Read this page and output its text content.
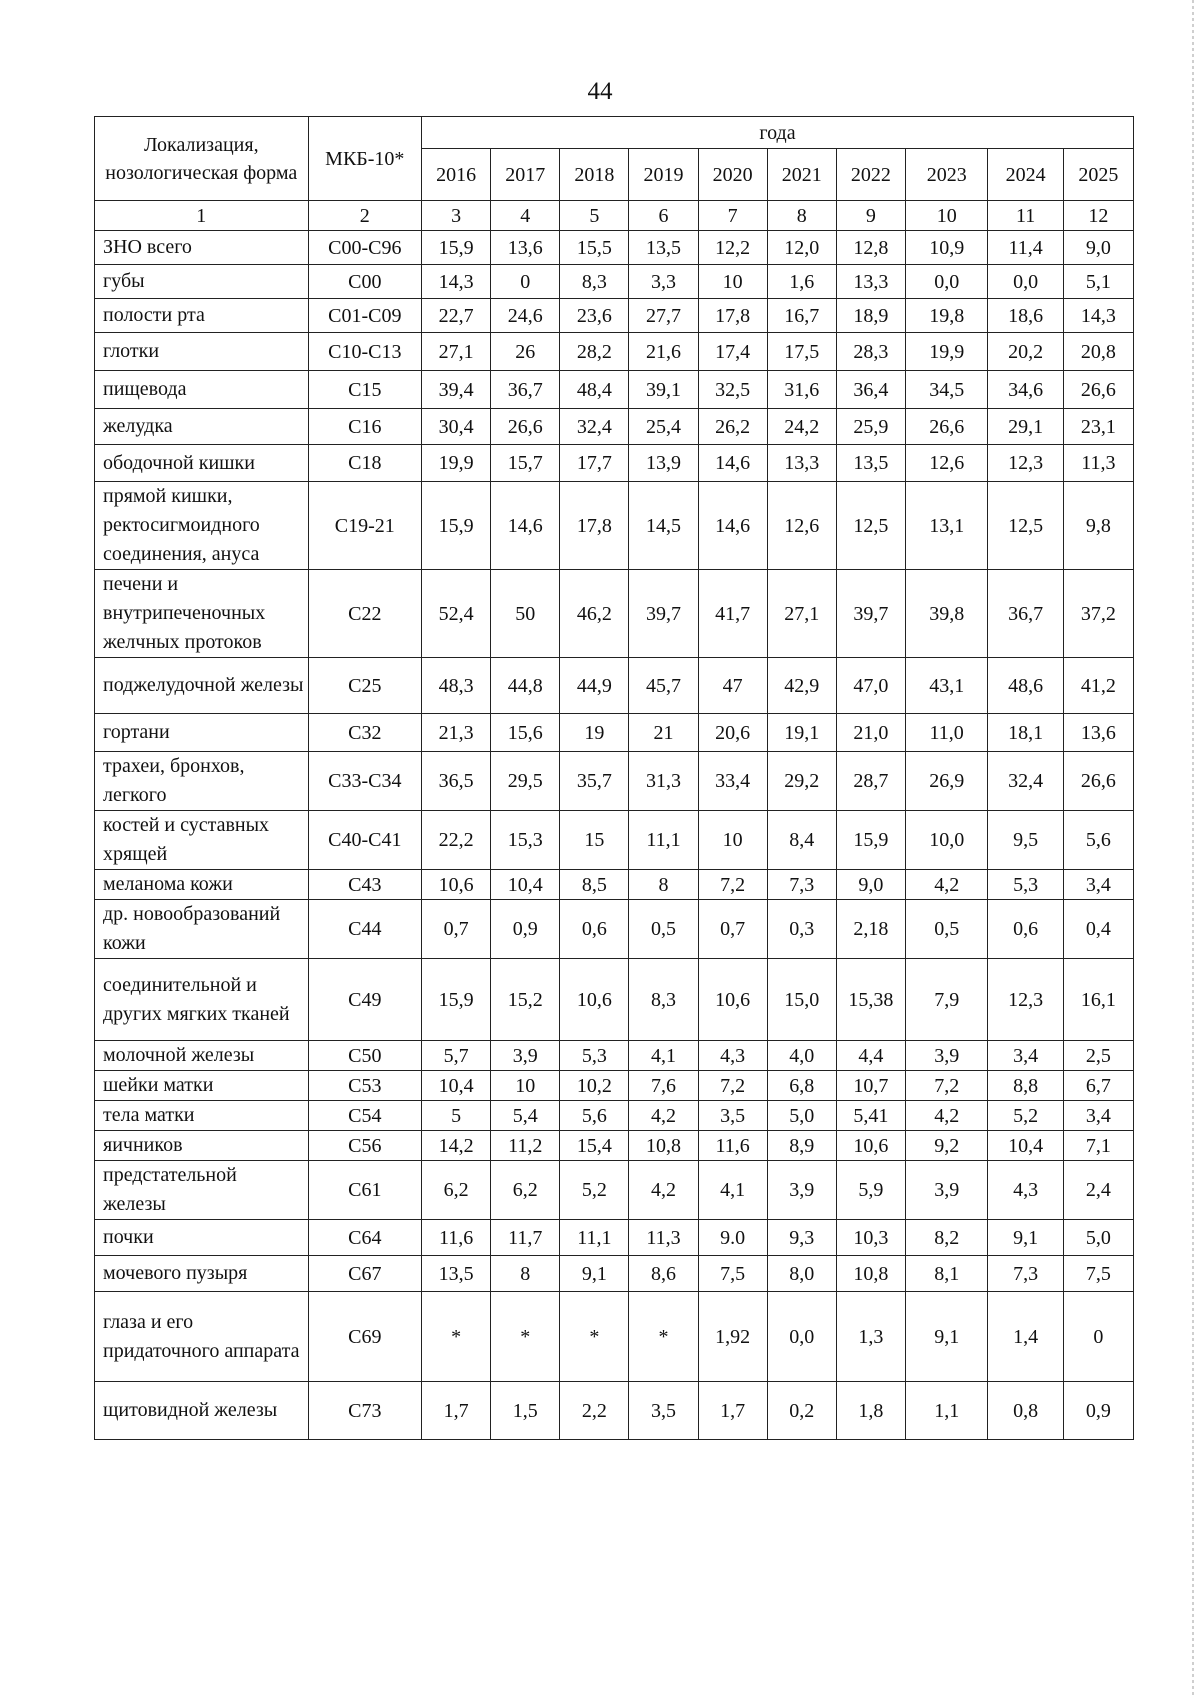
44
Локализация, нозологическая форма	МКБ-10*	года									
		2016	2017	2018	2019	2020	2021	2022	2023	2024	2025
1	2	3	4	5	6	7	8	9	10	11	12
ЗНО всего	С00-С96	15,9	13,6	15,5	13,5	12,2	12,0	12,8	10,9	11,4	9,0
губы	С00	14,3	0	8,3	3,3	10	1,6	13,3	0,0	0,0	5,1
полости рта	С01-С09	22,7	24,6	23,6	27,7	17,8	16,7	18,9	19,8	18,6	14,3
глотки	С10-С13	27,1	26	28,2	21,6	17,4	17,5	28,3	19,9	20,2	20,8
пищевода	С15	39,4	36,7	48,4	39,1	32,5	31,6	36,4	34,5	34,6	26,6
желудка	С16	30,4	26,6	32,4	25,4	26,2	24,2	25,9	26,6	29,1	23,1
ободочной кишки	С18	19,9	15,7	17,7	13,9	14,6	13,3	13,5	12,6	12,3	11,3
прямой кишки, ректосигмоидного соединения, ануса	С19-21	15,9	14,6	17,8	14,5	14,6	12,6	12,5	13,1	12,5	9,8
печени и внутрипеченочных желчных протоков	С22	52,4	50	46,2	39,7	41,7	27,1	39,7	39,8	36,7	37,2
поджелудочной железы	С25	48,3	44,8	44,9	45,7	47	42,9	47,0	43,1	48,6	41,2
гортани	С32	21,3	15,6	19	21	20,6	19,1	21,0	11,0	18,1	13,6
трахеи, бронхов, легкого	С33-С34	36,5	29,5	35,7	31,3	33,4	29,2	28,7	26,9	32,4	26,6
костей и суставных хрящей	С40-С41	22,2	15,3	15	11,1	10	8,4	15,9	10,0	9,5	5,6
меланома кожи	С43	10,6	10,4	8,5	8	7,2	7,3	9,0	4,2	5,3	3,4
др. новообразований кожи	С44	0,7	0,9	0,6	0,5	0,7	0,3	2,18	0,5	0,6	0,4
соединительной и других мягких тканей	С49	15,9	15,2	10,6	8,3	10,6	15,0	15,38	7,9	12,3	16,1
молочной железы	С50	5,7	3,9	5,3	4,1	4,3	4,0	4,4	3,9	3,4	2,5
шейки матки	С53	10,4	10	10,2	7,6	7,2	6,8	10,7	7,2	8,8	6,7
тела матки	С54	5	5,4	5,6	4,2	3,5	5,0	5,41	4,2	5,2	3,4
яичников	С56	14,2	11,2	15,4	10,8	11,6	8,9	10,6	9,2	10,4	7,1
предстательной железы	С61	6,2	6,2	5,2	4,2	4,1	3,9	5,9	3,9	4,3	2,4
почки	С64	11,6	11,7	11,1	11,3	9.0	9,3	10,3	8,2	9,1	5,0
мочевого пузыря	С67	13,5	8	9,1	8,6	7,5	8,0	10,8	8,1	7,3	7,5
глаза и его придаточного аппарата	С69	*	*	*	*	1,92	0,0	1,3	9,1	1,4	0
щитовидной железы	С73	1,7	1,5	2,2	3,5	1,7	0,2	1,8	1,1	0,8	0,9
